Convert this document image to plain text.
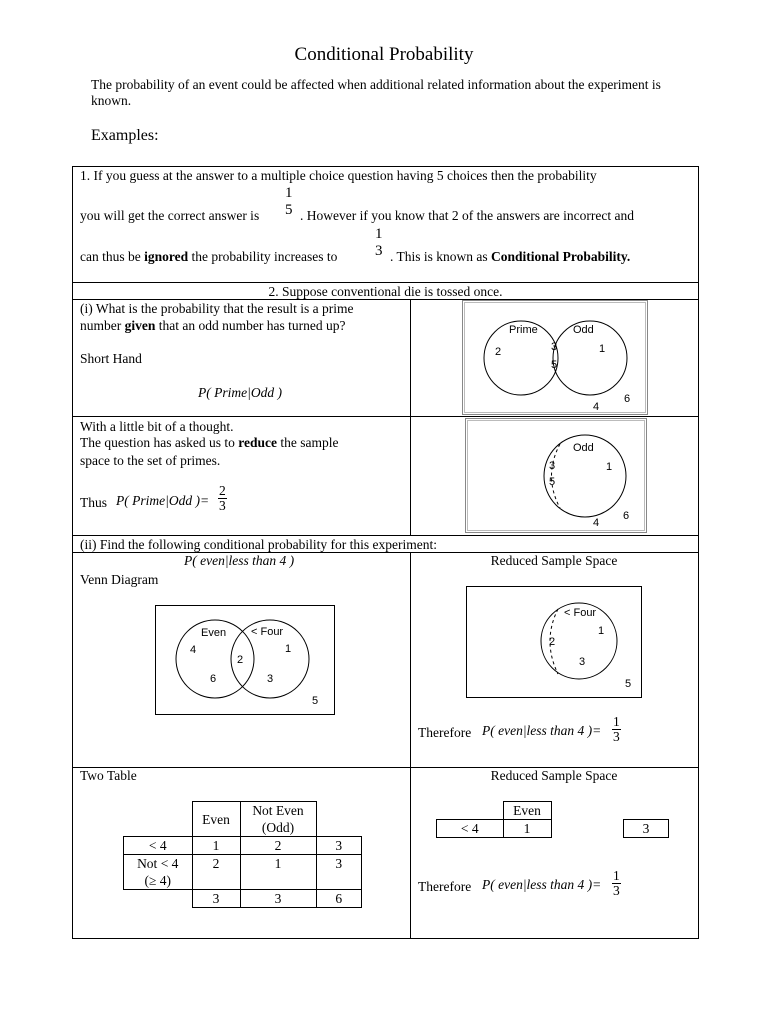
Conditional Probability
The probability of an event could be affected when additional related information about the experiment is known.
Examples:
1. If you guess at the answer to a multiple choice question having 5 choices then the probability
you will get the correct answer is
1
5 . However if you know that 2 of the answers are incorrect and
can thus be ignored the probability increases to
1
3 . This is known as Conditional Probability.
2. Suppose conventional die is tossed once.
(i) What is the probability that the result is a prime
number given that an odd number has turned up?
Short Hand
P( Prime|Odd )
Prime	Odd
2	3
5
1
4
6
With a little bit of a thought.
The question has asked us to reduce the sample
space to the set of primes.
Thus P( Prime|Odd )= $\frac{2}{3}$
Odd
3
5
1
4
6
(ii) Find the following conditional probability for this experiment:
P( even|less than 4 )
Venn Diagram
Even < Four
4
6
2
1
3
5
Reduced Sample Space
< Four
2
1
3
5
Therefore P( even|less than 4 )= $\frac{1}{3}$
Two Table
	Even	Not Even
(Odd)	
< 4	1	2	3
Not < 4
(≥ 4)	2	1	3
	3	3	6
Reduced Sample Space
	Even		
< 4	1		3
Therefore P( even|less than 4 )= $\frac{1}{3}$
